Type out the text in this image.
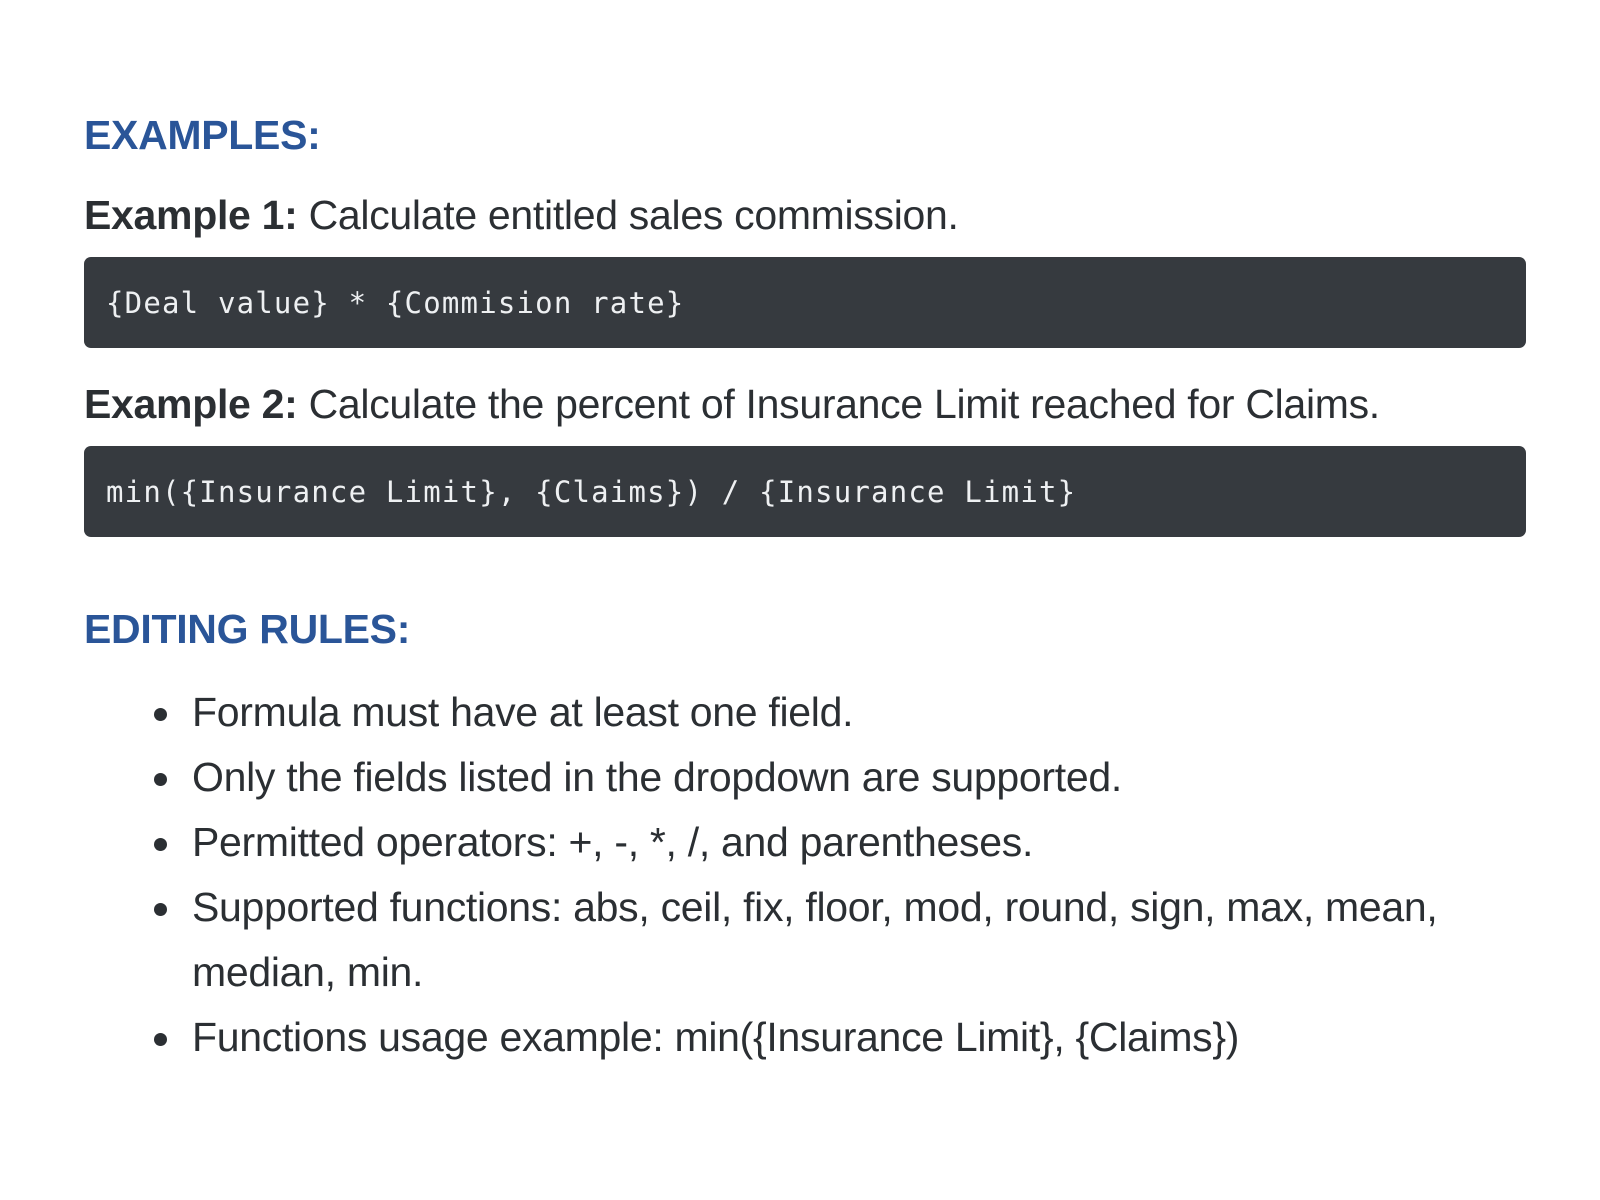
EXAMPLES:
Example 1: Calculate entitled sales commission.
{Deal value} * {Commision rate}
Example 2: Calculate the percent of Insurance Limit reached for Claims.
min({Insurance Limit}, {Claims}) / {Insurance Limit}
EDITING RULES:
Formula must have at least one field.
Only the fields listed in the dropdown are supported.
Permitted operators: +, -, *, /, and parentheses.
Supported functions: abs, ceil, fix, floor, mod, round, sign, max, mean, median, min.
Functions usage example: min({Insurance Limit}, {Claims})
